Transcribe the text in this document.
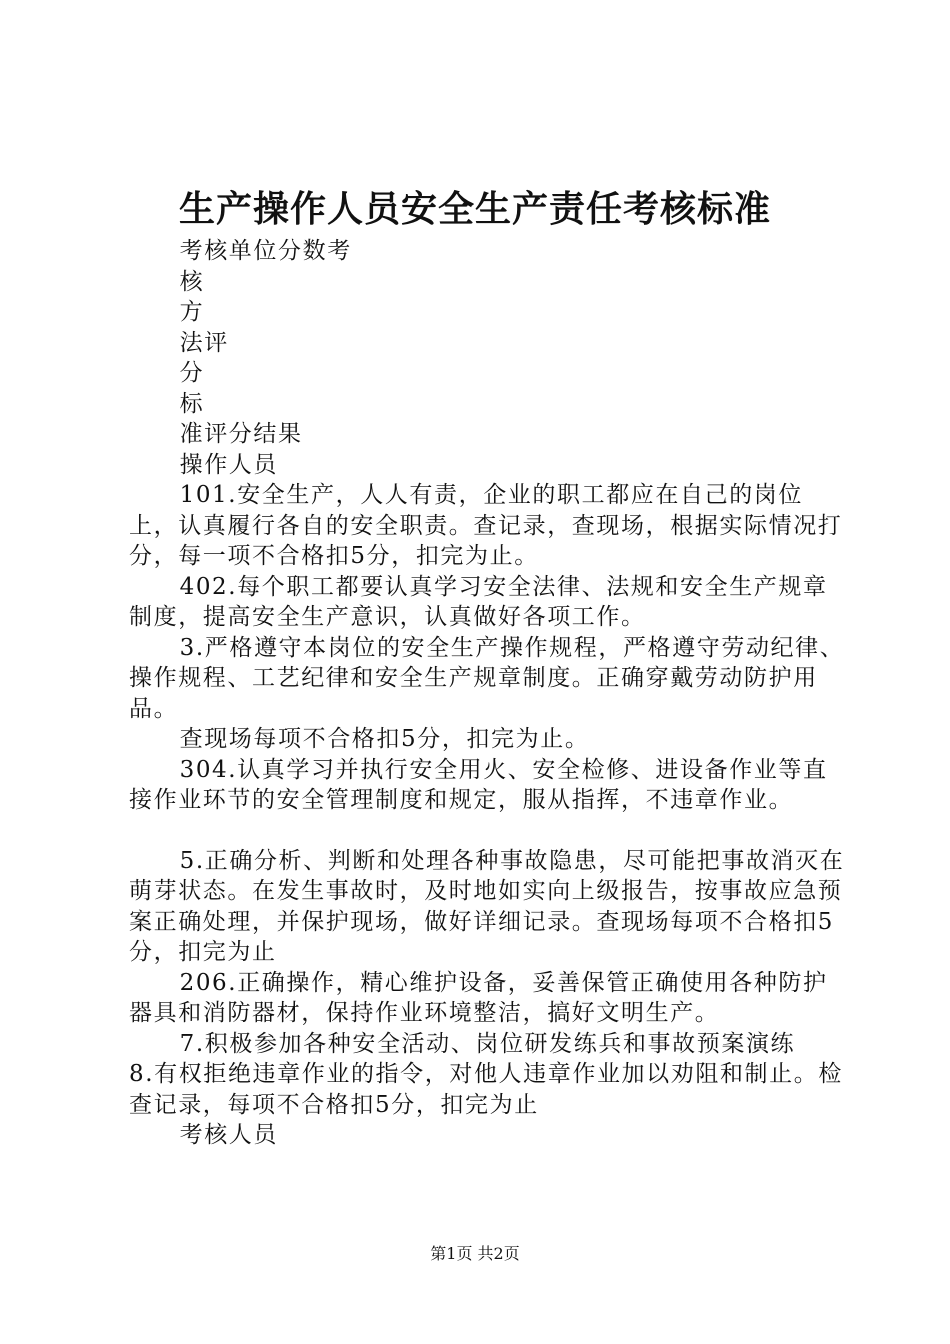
生产操作人员安全生产责任考核标准

考核单位分数考

核

方

法评

分

标

准评分结果

操作人员

101.安全生产，人人有责，企业的职工都应在自己的岗位上，认真履行各自的安全职责。查记录，查现场，根据实际情况打分，每一项不合格扣5分，扣完为止。

402.每个职工都要认真学习安全法律、法规和安全生产规章制度，提高安全生产意识，认真做好各项工作。

3.严格遵守本岗位的安全生产操作规程，严格遵守劳动纪律、操作规程、工艺纪律和安全生产规章制度。正确穿戴劳动防护用品。

查现场每项不合格扣5分，扣完为止。

304.认真学习并执行安全用火、安全检修、进设备作业等直接作业环节的安全管理制度和规定，服从指挥，不违章作业。

5.正确分析、判断和处理各种事故隐患，尽可能把事故消灭在萌芽状态。在发生事故时，及时地如实向上级报告，按事故应急预案正确处理，并保护现场，做好详细记录。查现场每项不合格扣5分，扣完为止

206.正确操作，精心维护设备，妥善保管正确使用各种防护器具和消防器材，保持作业环境整洁，搞好文明生产。

7.积极参加各种安全活动、岗位研发练兵和事故预案演练

8.有权拒绝违章作业的指令，对他人违章作业加以劝阻和制止。检查记录，每项不合格扣5分，扣完为止

考核人员

第1页 共2页
